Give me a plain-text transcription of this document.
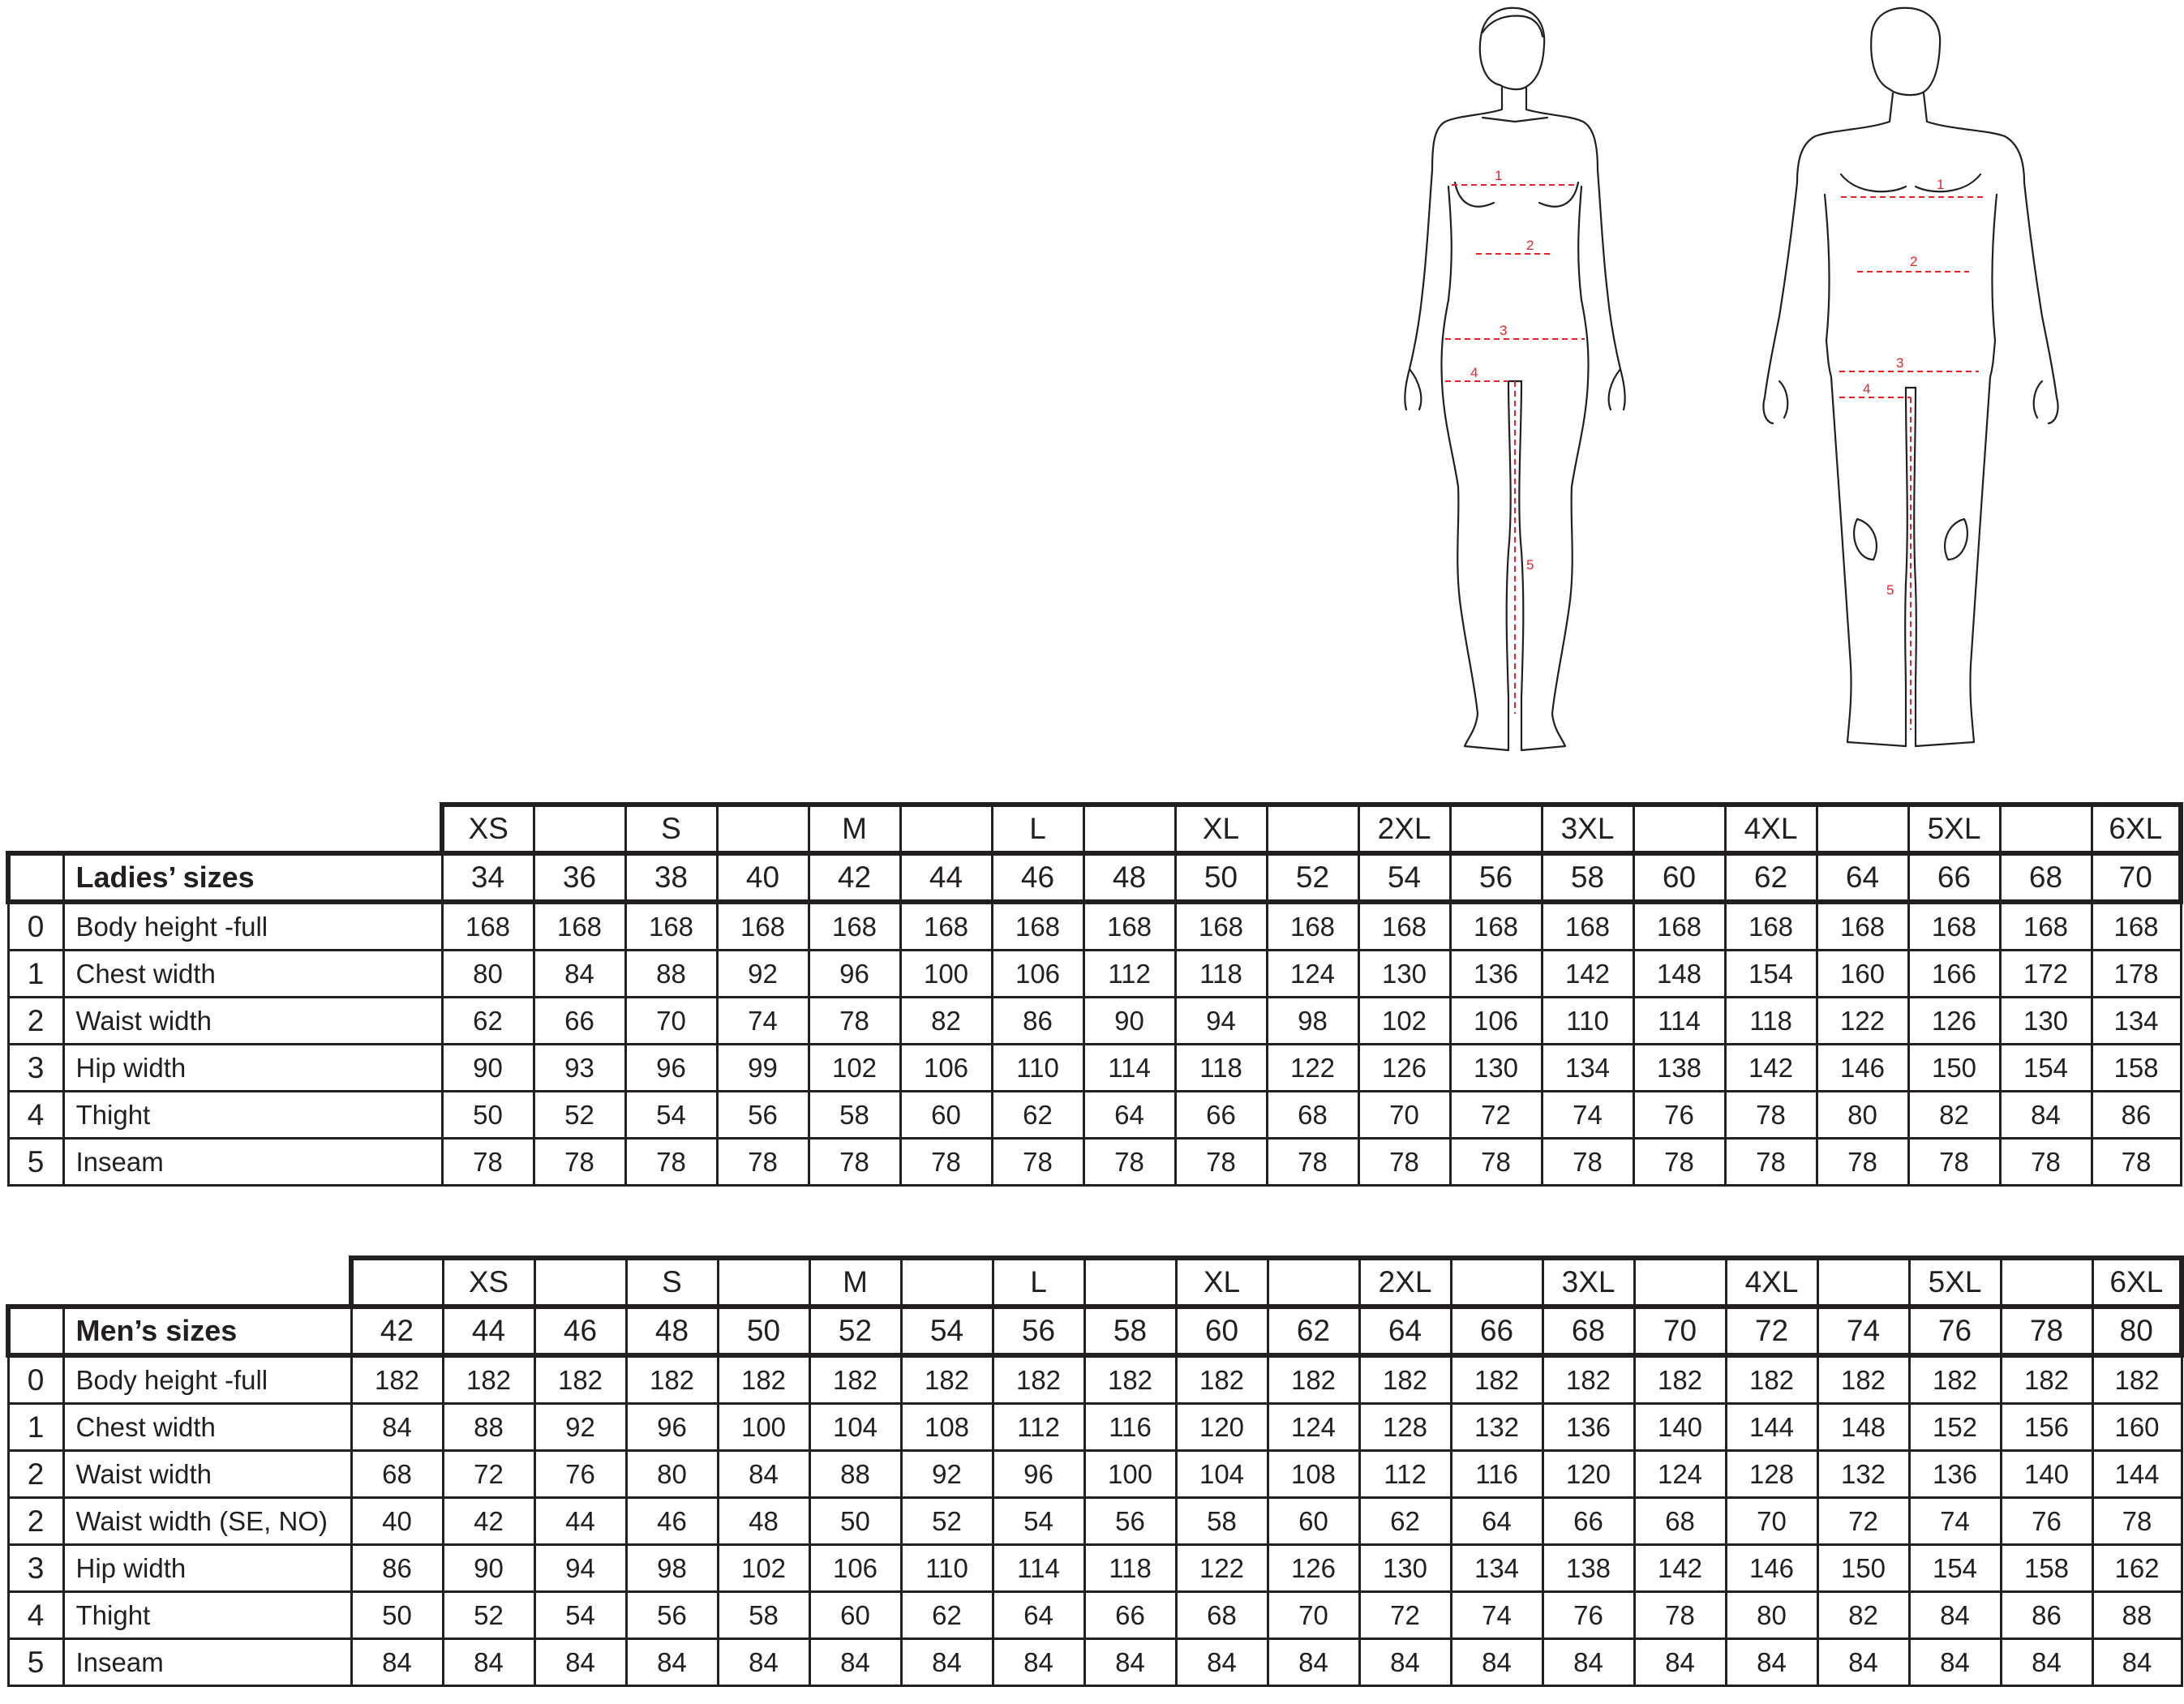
1
2
3
4
5
1
2
3
4
5
		XS		S		M		L		XL		2XL		3XL		4XL		5XL		6XL
	Ladies’ sizes	34	36	38	40	42	44	46	48	50	52	54	56	58	60	62	64	66	68	70
0	Body height -full	168	168	168	168	168	168	168	168	168	168	168	168	168	168	168	168	168	168	168
1	Chest width	80	84	88	92	96	100	106	112	118	124	130	136	142	148	154	160	166	172	178
2	Waist width	62	66	70	74	78	82	86	90	94	98	102	106	110	114	118	122	126	130	134
3	Hip width	90	93	96	99	102	106	110	114	118	122	126	130	134	138	142	146	150	154	158
4	Thight	50	52	54	56	58	60	62	64	66	68	70	72	74	76	78	80	82	84	86
5	Inseam	78	78	78	78	78	78	78	78	78	78	78	78	78	78	78	78	78	78	78
			XS		S		M		L		XL		2XL		3XL		4XL		5XL		6XL
	Men’s sizes	42	44	46	48	50	52	54	56	58	60	62	64	66	68	70	72	74	76	78	80
0	Body height -full	182	182	182	182	182	182	182	182	182	182	182	182	182	182	182	182	182	182	182	182
1	Chest width	84	88	92	96	100	104	108	112	116	120	124	128	132	136	140	144	148	152	156	160
2	Waist width	68	72	76	80	84	88	92	96	100	104	108	112	116	120	124	128	132	136	140	144
2	Waist width (SE, NO)	40	42	44	46	48	50	52	54	56	58	60	62	64	66	68	70	72	74	76	78
3	Hip width	86	90	94	98	102	106	110	114	118	122	126	130	134	138	142	146	150	154	158	162
4	Thight	50	52	54	56	58	60	62	64	66	68	70	72	74	76	78	80	82	84	86	88
5	Inseam	84	84	84	84	84	84	84	84	84	84	84	84	84	84	84	84	84	84	84	84
